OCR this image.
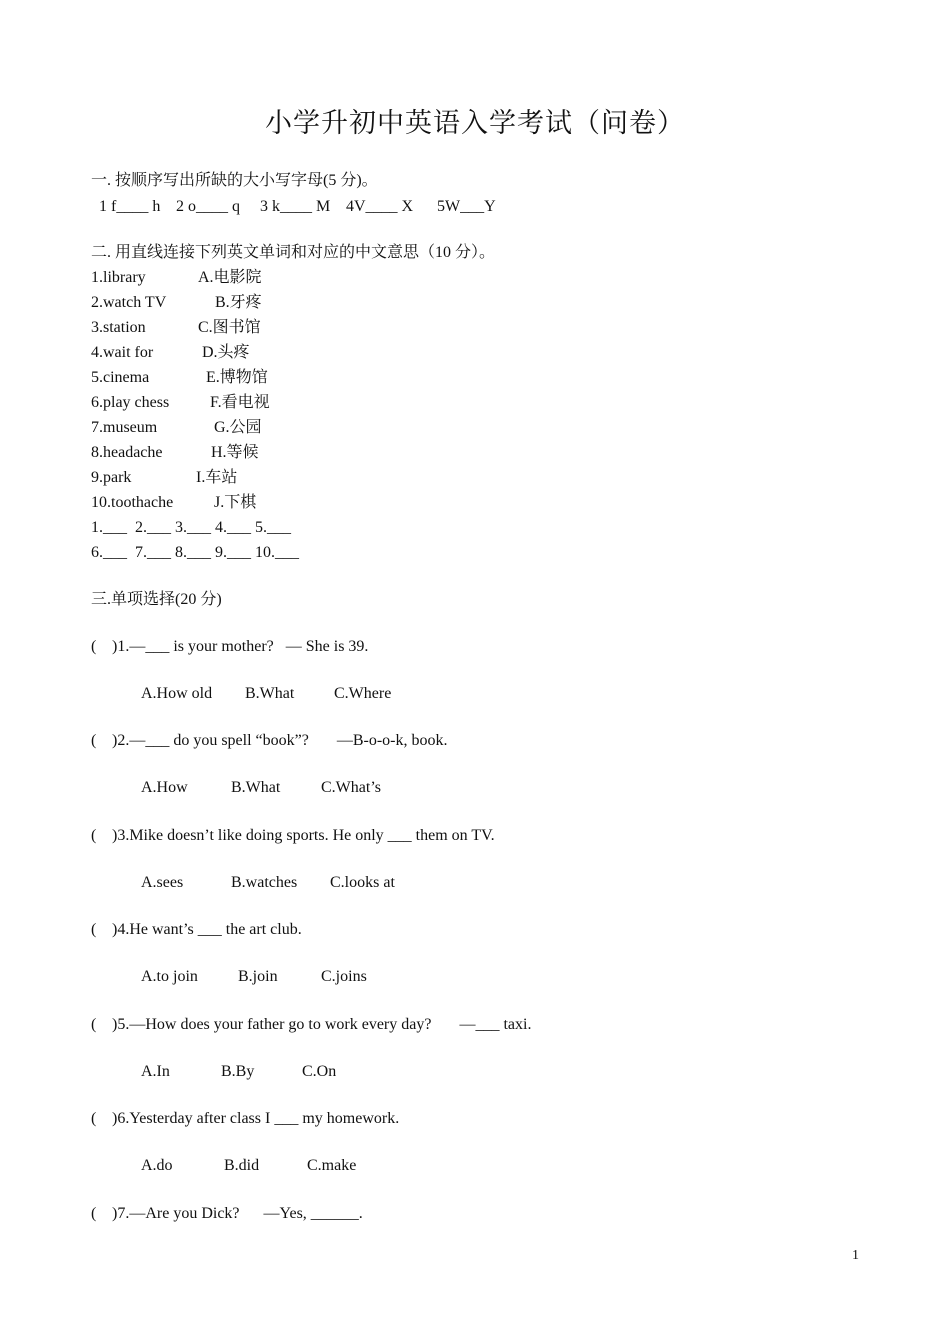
小学升初中英语入学考试（问卷）
一. 按顺序写出所缺的大小写字母(5 分)。
1 f____ h 2 o____ q 3 k____ M 4V____ X 5W___Y
二. 用直线连接下列英文单词和对应的中文意思（10 分）。
1.library	A.电影院
2.watch TV	B.牙疼
3.station	C.图书馆
4.wait for	D.头疼
5.cinema	E.博物馆
6.play chess	F.看电视
7.museum	G.公园
8.headache	H.等候
9.park	I.车站
10.toothache	J.下棋
1.___  2.___ 3.___ 4.___ 5.___
6.___  7.___ 8.___ 9.___ 10.___
三.单项选择(20 分)
( )1.—___ is your mother?   — She is 39.
A.How old B.What C.Where
( )2.—___ do you spell “book”?       —B-o-o-k, book.
A.How	B.What	C.What’s
( )3.Mike doesn’t like doing sports. He only ___ them on TV.
A.sees	B.watches C.looks at
( )4.He want’s ___ the art club.
A.to join	B.join	C.joins
( )5.—How does your father go to work every day?       —___ taxi.
A.In	B.By	C.On
( )6.Yesterday after class I ___ my homework.
A.do	B.did	C.make
( )7.—Are you Dick?      —Yes, ______.
1
